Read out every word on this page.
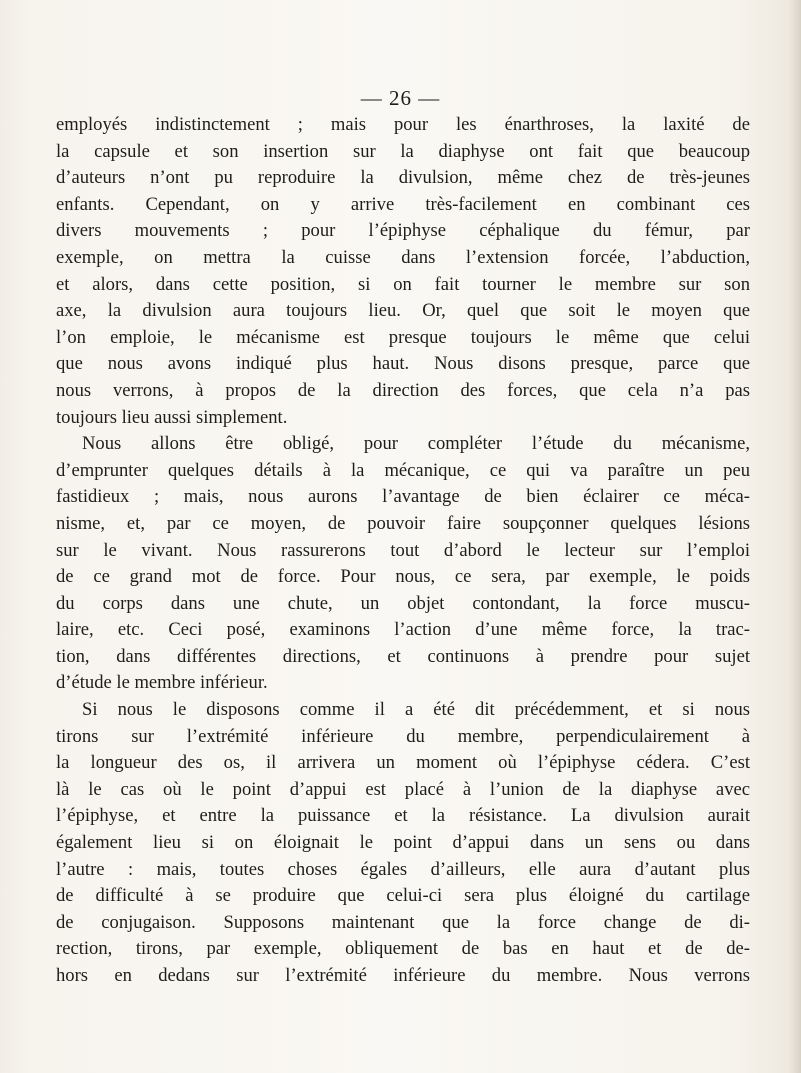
— 26 —
employés indistinctement ; mais pour les énarthroses, la laxité de
la capsule et son insertion sur la diaphyse ont fait que beaucoup
d’auteurs n’ont pu reproduire la divulsion, même chez de très-jeunes
enfants. Cependant, on y arrive très-facilement en combinant ces
divers mouvements ; pour l’épiphyse céphalique du fémur, par
exemple, on mettra la cuisse dans l’extension forcée, l’abduction,
et alors, dans cette position, si on fait tourner le membre sur son
axe, la divulsion aura toujours lieu. Or, quel que soit le moyen que
l’on emploie, le mécanisme est presque toujours le même que celui
que nous avons indiqué plus haut. Nous disons presque, parce que
nous verrons, à propos de la direction des forces, que cela n’a pas
toujours lieu aussi simplement.
Nous allons être obligé, pour compléter l’étude du mécanisme,
d’emprunter quelques détails à la mécanique, ce qui va paraître un peu
fastidieux ; mais, nous aurons l’avantage de bien éclairer ce méca-
nisme, et, par ce moyen, de pouvoir faire soupçonner quelques lésions
sur le vivant. Nous rassurerons tout d’abord le lecteur sur l’emploi
de ce grand mot de force. Pour nous, ce sera, par exemple, le poids
du corps dans une chute, un objet contondant, la force muscu-
laire, etc. Ceci posé, examinons l’action d’une même force, la trac-
tion, dans différentes directions, et continuons à prendre pour sujet
d’étude le membre inférieur.
Si nous le disposons comme il a été dit précédemment, et si nous
tirons sur l’extrémité inférieure du membre, perpendiculairement à
la longueur des os, il arrivera un moment où l’épiphyse cédera. C’est
là le cas où le point d’appui est placé à l’union de la diaphyse avec
l’épiphyse, et entre la puissance et la résistance. La divulsion aurait
également lieu si on éloignait le point d’appui dans un sens ou dans
l’autre : mais, toutes choses égales d’ailleurs, elle aura d’autant plus
de difficulté à se produire que celui-ci sera plus éloigné du cartilage
de conjugaison. Supposons maintenant que la force change de di-
rection, tirons, par exemple, obliquement de bas en haut et de de-
hors en dedans sur l’extrémité inférieure du membre. Nous verrons
